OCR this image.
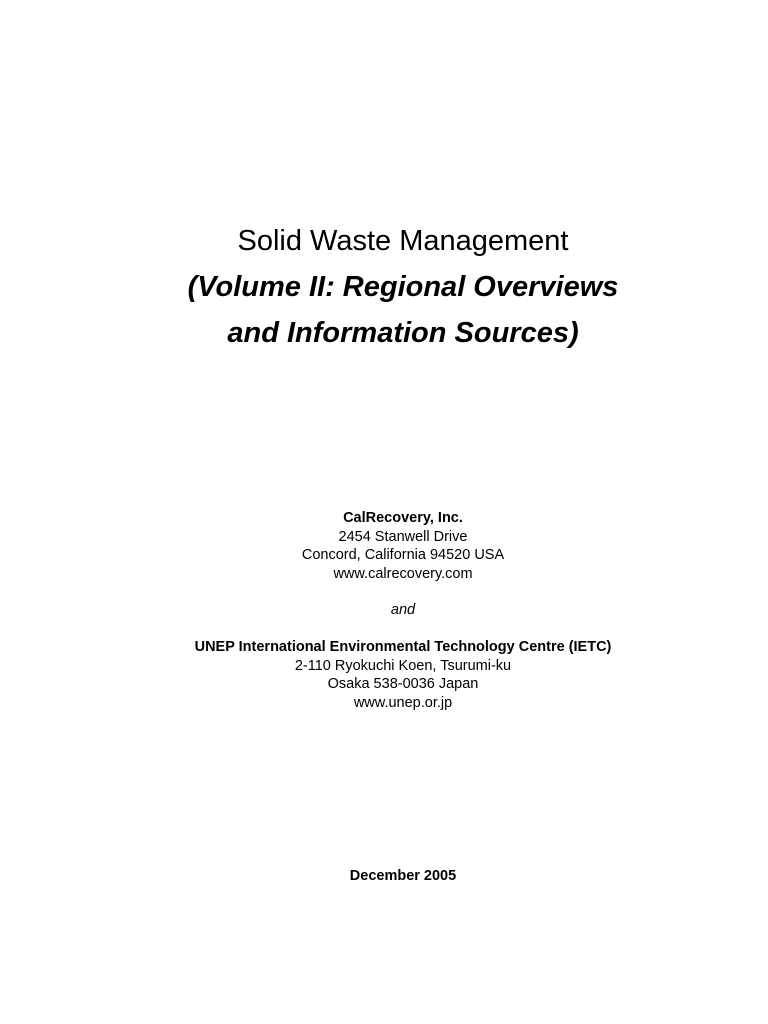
Solid Waste Management
(Volume II: Regional Overviews
and Information Sources)
CalRecovery, Inc.
2454 Stanwell Drive
Concord, California 94520 USA
www.calrecovery.com
and
UNEP International Environmental Technology Centre (IETC)
2-110 Ryokuchi Koen, Tsurumi-ku
Osaka 538-0036 Japan
www.unep.or.jp
December 2005
